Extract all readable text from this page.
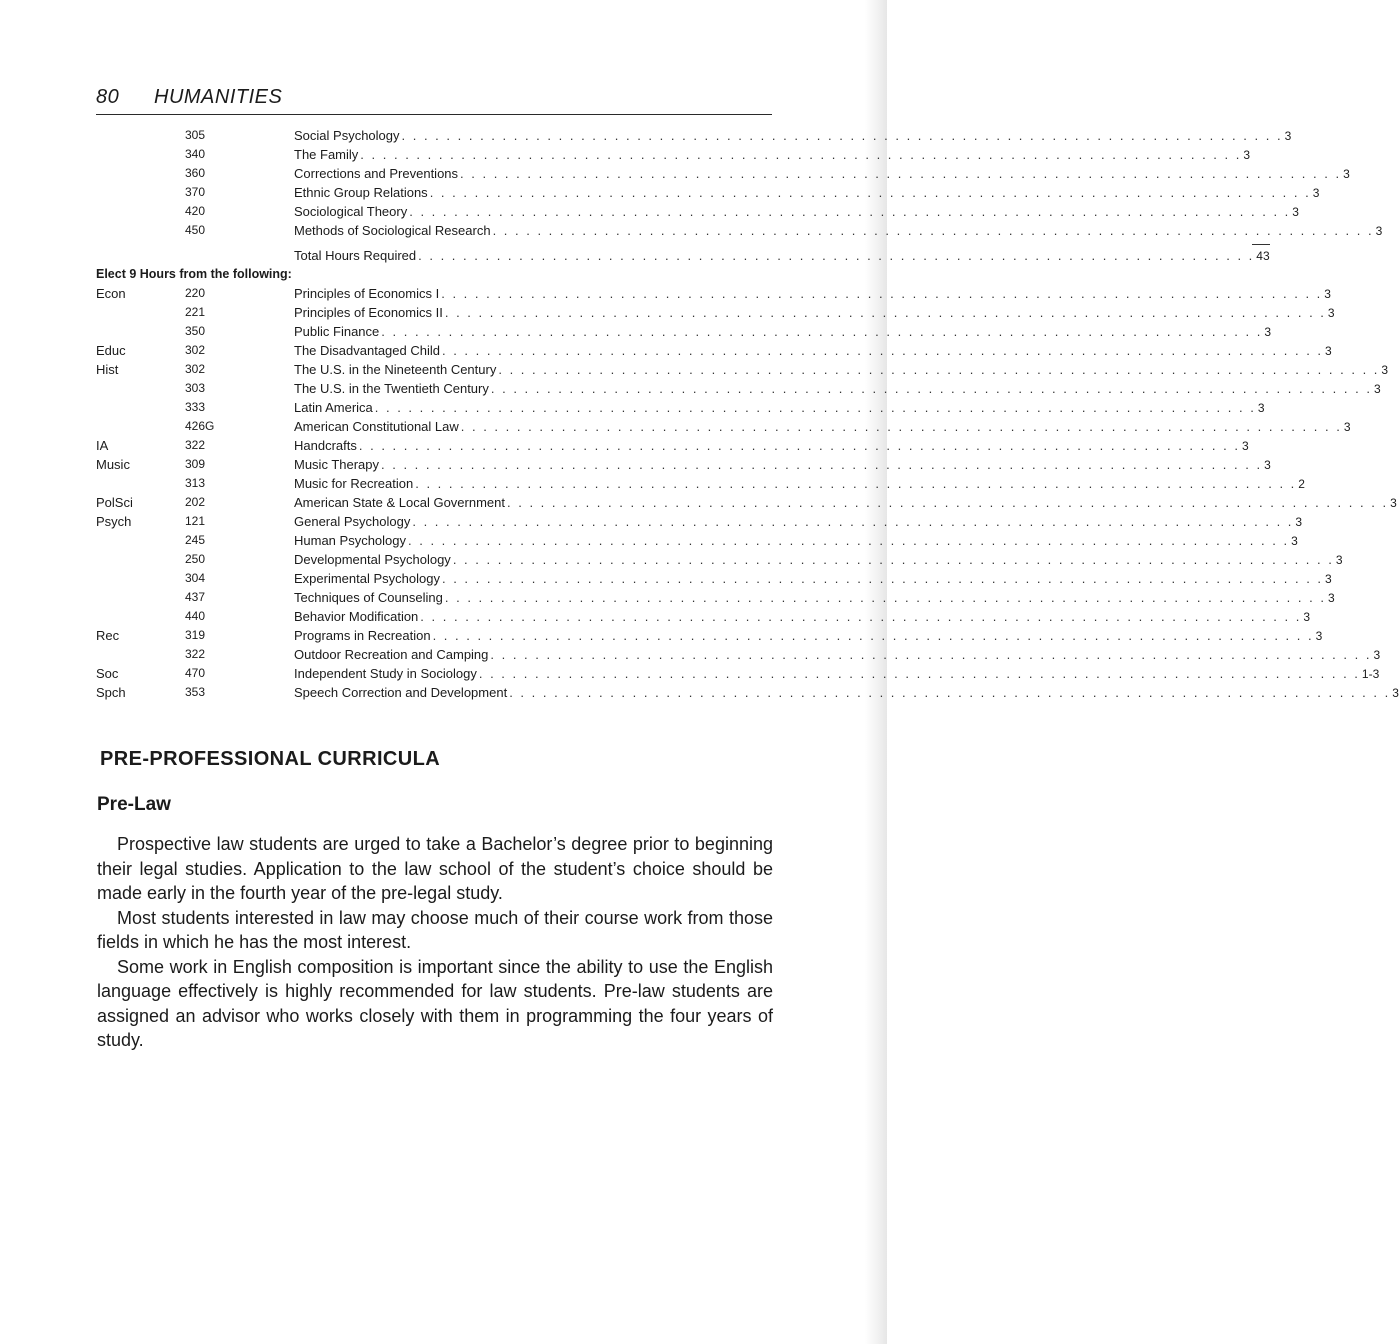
80	HUMANITIES
305	Social Psychology . . . . . . . . . . . . . . . . . . . . . . . . . . . . . . . . . . . . . . . . . . . . . . . . . . . . . . . . . . . . . . . . . . . . . . . . . . . . . . . 3
340	The Family . . . . . . . . . . . . . . . . . . . . . . . . . . . . . . . . . . . . . . . . . . . . . . . . . . . . . . . . . . . . . . . . . . . . . . . . . . . . . . . 3
360	Corrections and Preventions . . . . . . . . . . . . . . . . . . . . . . . . . . . . . . . . . . . . . . . . . . . . . . . . . . . . . . . . . . . . . . . . . . . . . . . . . . . . . . . 3
370	Ethnic Group Relations . . . . . . . . . . . . . . . . . . . . . . . . . . . . . . . . . . . . . . . . . . . . . . . . . . . . . . . . . . . . . . . . . . . . . . . . . . . . . . . 3
420	Sociological Theory . . . . . . . . . . . . . . . . . . . . . . . . . . . . . . . . . . . . . . . . . . . . . . . . . . . . . . . . . . . . . . . . . . . . . . . . . . . . . . . 3
450	Methods of Sociological Research . . . . . . . . . . . . . . . . . . . . . . . . . . . . . . . . . . . . . . . . . . . . . . . . . . . . . . . . . . . . . . . . . . . . . . . . . . . . . . . 3
Total Hours Required . . . . . . . . . . . . . . . . . . . . . . . . . . . . . . . . . . . . . . . . . . . . . . . . . . . . . . . . . . . . . . . . . . . . . . . . . . . 43
Elect 9 Hours from the following:
Econ	220	Principles of Economics I . . . . . . . . . . . . . . . . . . . . . . . . . . . . . . . . . . . . . . . . . . . . . . . . . . . . . . . . . . . . . . . . . . . . . . . . . . . . . . . 3
221	Principles of Economics II . . . . . . . . . . . . . . . . . . . . . . . . . . . . . . . . . . . . . . . . . . . . . . . . . . . . . . . . . . . . . . . . . . . . . . . . . . . . . . . 3
350	Public Finance . . . . . . . . . . . . . . . . . . . . . . . . . . . . . . . . . . . . . . . . . . . . . . . . . . . . . . . . . . . . . . . . . . . . . . . . . . . . . . . 3
Educ	302	The Disadvantaged Child . . . . . . . . . . . . . . . . . . . . . . . . . . . . . . . . . . . . . . . . . . . . . . . . . . . . . . . . . . . . . . . . . . . . . . . . . . . . . . . 3
Hist	302	The U.S. in the Nineteenth Century . . . . . . . . . . . . . . . . . . . . . . . . . . . . . . . . . . . . . . . . . . . . . . . . . . . . . . . . . . . . . . . . . . . . . . . . . . . . . . . 3
303	The U.S. in the Twentieth Century . . . . . . . . . . . . . . . . . . . . . . . . . . . . . . . . . . . . . . . . . . . . . . . . . . . . . . . . . . . . . . . . . . . . . . . . . . . . . . . 3
333	Latin America . . . . . . . . . . . . . . . . . . . . . . . . . . . . . . . . . . . . . . . . . . . . . . . . . . . . . . . . . . . . . . . . . . . . . . . . . . . . . . . 3
426G	American Constitutional Law . . . . . . . . . . . . . . . . . . . . . . . . . . . . . . . . . . . . . . . . . . . . . . . . . . . . . . . . . . . . . . . . . . . . . . . . . . . . . . . 3
IA	322	Handcrafts . . . . . . . . . . . . . . . . . . . . . . . . . . . . . . . . . . . . . . . . . . . . . . . . . . . . . . . . . . . . . . . . . . . . . . . . . . . . . . . 3
Music	309	Music Therapy . . . . . . . . . . . . . . . . . . . . . . . . . . . . . . . . . . . . . . . . . . . . . . . . . . . . . . . . . . . . . . . . . . . . . . . . . . . . . . . 3
313	Music for Recreation . . . . . . . . . . . . . . . . . . . . . . . . . . . . . . . . . . . . . . . . . . . . . . . . . . . . . . . . . . . . . . . . . . . . . . . . . . . . . . . 2
PolSci	202	American State & Local Government . . . . . . . . . . . . . . . . . . . . . . . . . . . . . . . . . . . . . . . . . . . . . . . . . . . . . . . . . . . . . . . . . . . . . . . . . . . . . . . 3
Psych	121	General Psychology . . . . . . . . . . . . . . . . . . . . . . . . . . . . . . . . . . . . . . . . . . . . . . . . . . . . . . . . . . . . . . . . . . . . . . . . . . . . . . . 3
245	Human Psychology . . . . . . . . . . . . . . . . . . . . . . . . . . . . . . . . . . . . . . . . . . . . . . . . . . . . . . . . . . . . . . . . . . . . . . . . . . . . . . . 3
250	Developmental Psychology . . . . . . . . . . . . . . . . . . . . . . . . . . . . . . . . . . . . . . . . . . . . . . . . . . . . . . . . . . . . . . . . . . . . . . . . . . . . . . . 3
304	Experimental Psychology . . . . . . . . . . . . . . . . . . . . . . . . . . . . . . . . . . . . . . . . . . . . . . . . . . . . . . . . . . . . . . . . . . . . . . . . . . . . . . . 3
437	Techniques of Counseling . . . . . . . . . . . . . . . . . . . . . . . . . . . . . . . . . . . . . . . . . . . . . . . . . . . . . . . . . . . . . . . . . . . . . . . . . . . . . . . 3
440	Behavior Modification . . . . . . . . . . . . . . . . . . . . . . . . . . . . . . . . . . . . . . . . . . . . . . . . . . . . . . . . . . . . . . . . . . . . . . . . . . . . . . . 3
Rec	319	Programs in Recreation . . . . . . . . . . . . . . . . . . . . . . . . . . . . . . . . . . . . . . . . . . . . . . . . . . . . . . . . . . . . . . . . . . . . . . . . . . . . . . . 3
322	Outdoor Recreation and Camping . . . . . . . . . . . . . . . . . . . . . . . . . . . . . . . . . . . . . . . . . . . . . . . . . . . . . . . . . . . . . . . . . . . . . . . . . . . . . . . 3
Soc	470	Independent Study in Sociology . . . . . . . . . . . . . . . . . . . . . . . . . . . . . . . . . . . . . . . . . . . . . . . . . . . . . . . . . . . . . . . . . . . . . . . . . . . . . . . 1-3
Spch	353	Speech Correction and Development . . . . . . . . . . . . . . . . . . . . . . . . . . . . . . . . . . . . . . . . . . . . . . . . . . . . . . . . . . . . . . . . . . . . . . . . . . . . . . . 3
PRE-PROFESSIONAL CURRICULA
Pre-Law

Prospective law students are urged to take a Bachelor’s degree prior to beginning their legal studies. Application to the law school of the student’s choice should be made early in the fourth year of the pre-legal study.

Most students interested in law may choose much of their course work from those fields in which he has the most interest.

Some work in English composition is important since the ability to use the English language effectively is highly recommended for law students. Pre-law students are assigned an advisor who works closely with them in programming the four years of study.
